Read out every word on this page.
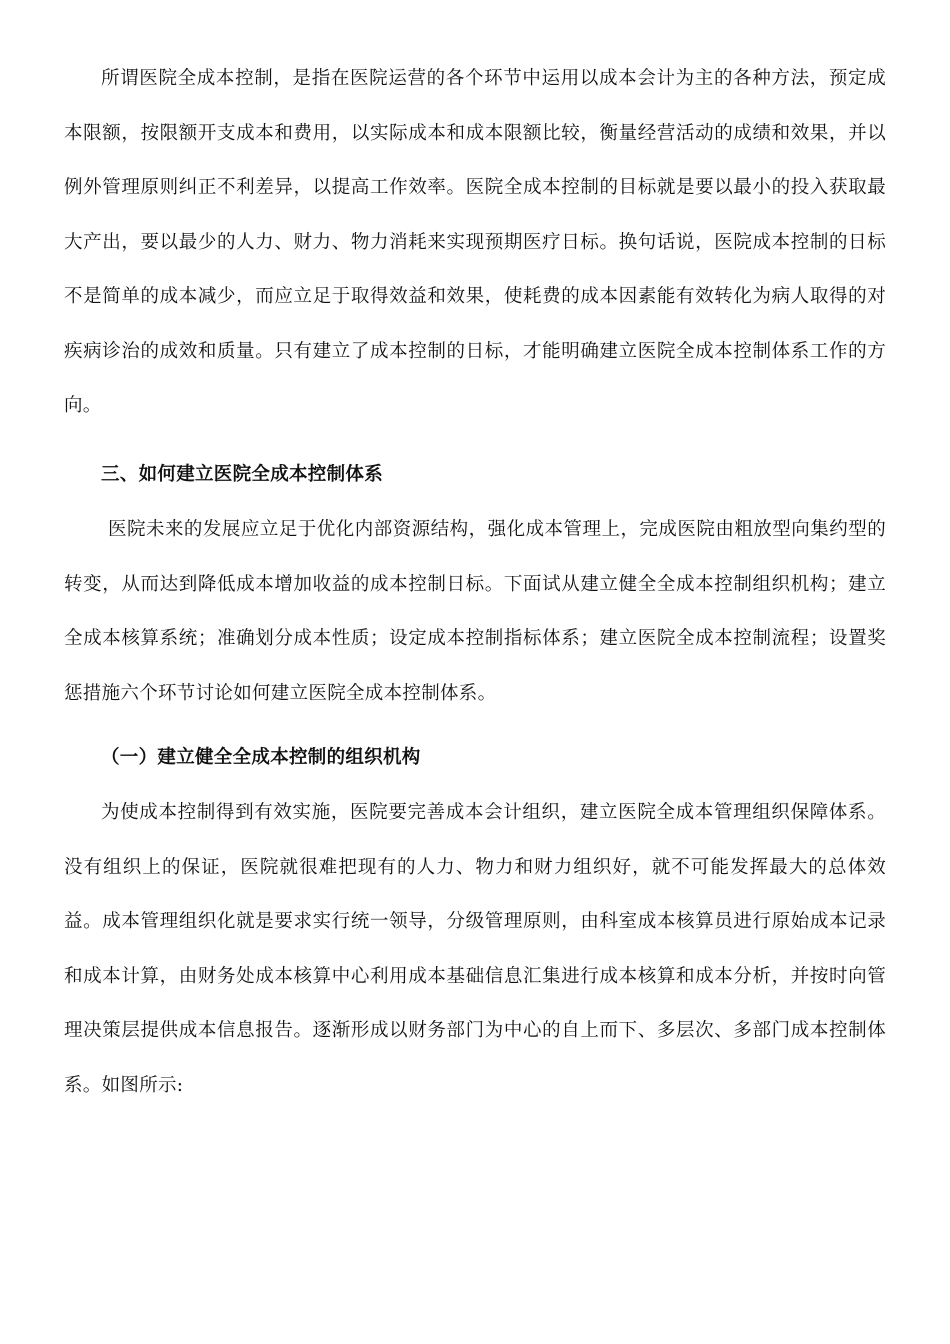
所谓医院全成本控制，是指在医院运营的各个环节中运用以成本会计为主的各种方法，预定成本限额，按限额开支成本和费用，以实际成本和成本限额比较，衡量经营活动的成绩和效果，并以例外管理原则纠正不利差异，以提高工作效率。医院全成本控制的目标就是要以最小的投入获取最大产出，要以最少的人力、财力、物力消耗来实现预期医疗日标。换句话说，医院成本控制的日标不是简单的成本减少，而应立足于取得效益和效果，使耗费的成本因素能有效转化为病人取得的对疾病诊治的成效和质量。只有建立了成本控制的日标，才能明确建立医院全成本控制体系工作的方向。

三、如何建立医院全成本控制体系

医院未来的发展应立足于优化内部资源结构，强化成本管理上，完成医院由粗放型向集约型的转变，从而达到降低成本增加收益的成本控制日标。下面试从建立健全全成本控制组织机构；建立全成本核算系统；准确划分成本性质；设定成本控制指标体系；建立医院全成本控制流程；设置奖惩措施六个环节讨论如何建立医院全成本控制体系。

（一）建立健全全成本控制的组织机构

为使成本控制得到有效实施，医院要完善成本会计组织，建立医院全成本管理组织保障体系。没有组织上的保证，医院就很难把现有的人力、物力和财力组织好，就不可能发挥最大的总体效益。成本管理组织化就是要求实行统一领导，分级管理原则，由科室成本核算员进行原始成本记录和成本计算，由财务处成本核算中心利用成本基础信息汇集进行成本核算和成本分析，并按时向管理决策层提供成本信息报告。逐渐形成以财务部门为中心的自上而下、多层次、多部门成本控制体系。如图所示:
